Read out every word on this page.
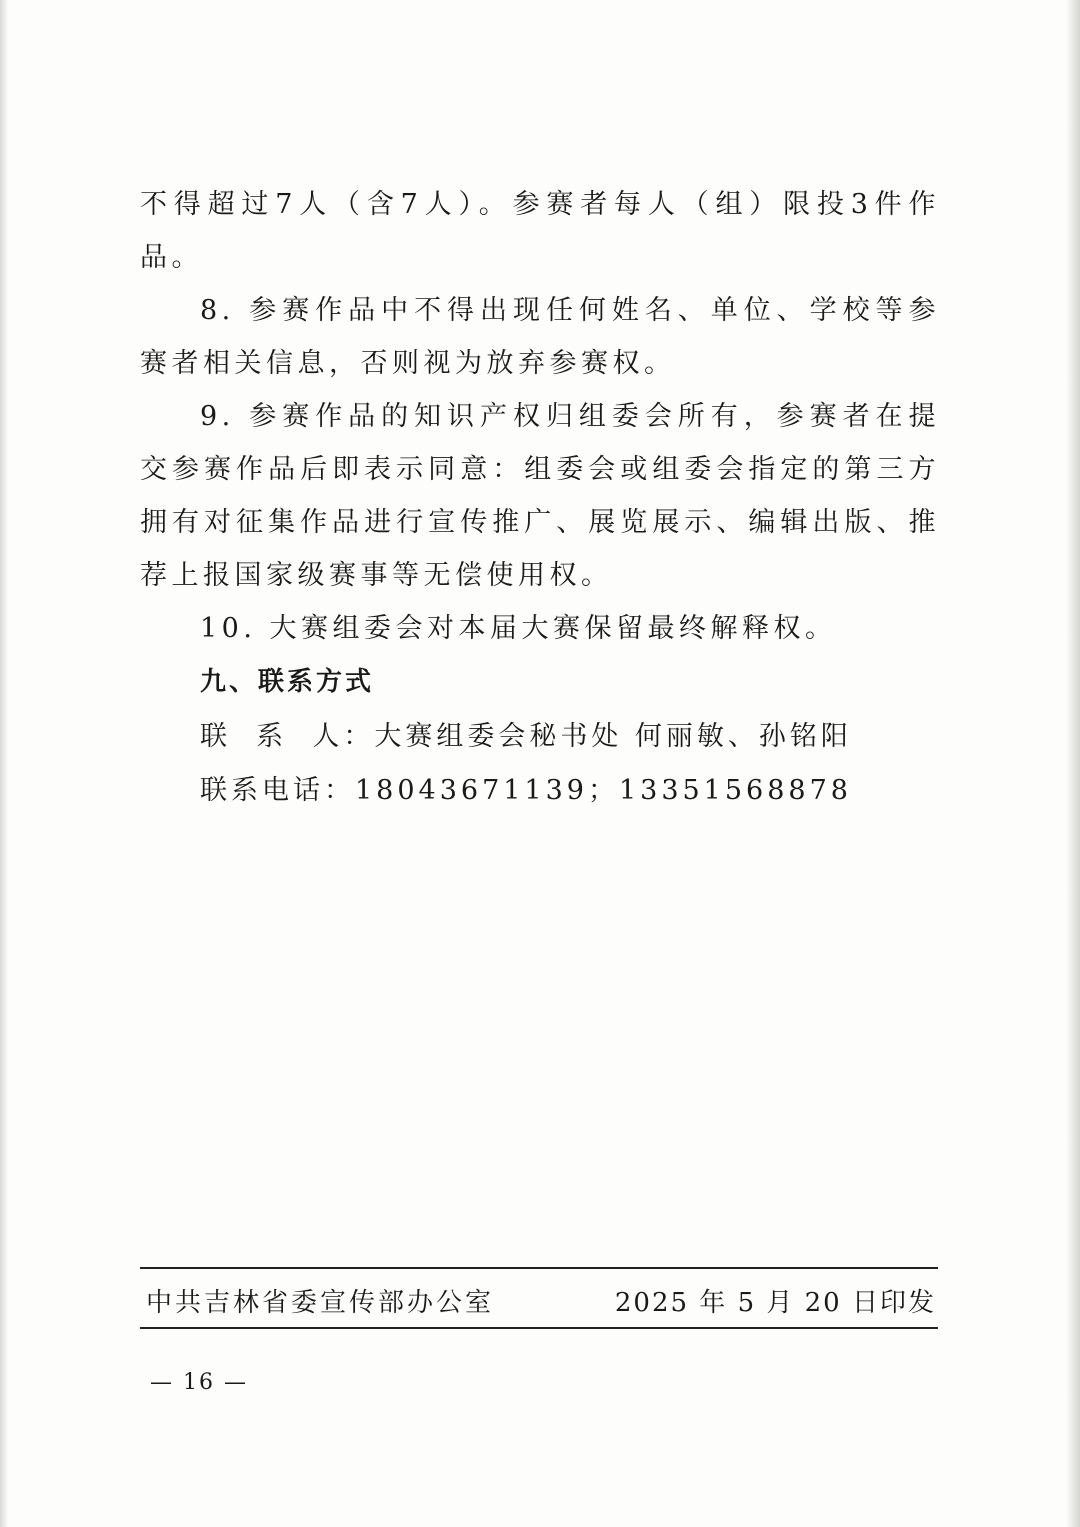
不得超过7人（含7人）。参赛者每人（组）限投3件作品。

8. 参赛作品中不得出现任何姓名、单位、学校等参赛者相关信息，否则视为放弃参赛权。

9. 参赛作品的知识产权归组委会所有，参赛者在提交参赛作品后即表示同意：组委会或组委会指定的第三方拥有对征集作品进行宣传推广、展览展示、编辑出版、推荐上报国家级赛事等无偿使用权。

10. 大赛组委会对本届大赛保留最终解释权。

九、联系方式

联  系  人：大赛组委会秘书处 何丽敏、孙铭阳

联系电话：18043671139；13351568878

中共吉林省委宣传部办公室	2025 年 5 月 20 日印发
— 16 —
